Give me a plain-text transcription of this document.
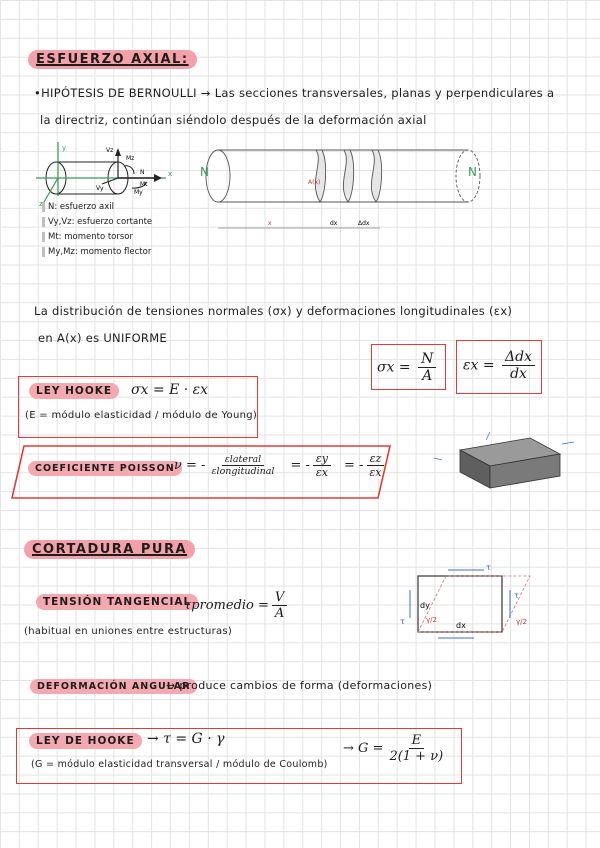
ESFUERZO AXIAL:
•HIPÓTESIS DE BERNOULLI → Las secciones transversales, planas y perpendiculares a
la directriz, continúan siéndolo después de la deformación axial
y
x
z
Vz
Mz
Vy
My
N
Mt
N: esfuerzo axil
Vy,Vz: esfuerzo cortante
Mt: momento torsor
My,Mz: momento flector
N	N
A(x)
x	dx	Δdx
La distribución de tensiones normales (σx) y deformaciones longitudinales (εx)
en A(x) es UNIFORME
$\sigma x = \frac{N}{A}$ εx =
Δdx
dx
LEY HOOKE	σx = E · εx
(E = módulo elasticidad / módulo de Young)
COEFICIENTE POISSON ν = -	εlateral
εlongitudinal = - $\frac{\varepsilon y}{\varepsilon x}$ = - εz
εx
CORTADURA PURA
TENSIÓN TANGENCIAL
τpromedio = $\frac{V}{A}$
(habitual en uniones entre estructuras)
τ
τ
τ
dy
dx
γ/2	γ/2
DEFORMACIÓN ANGULAR
→ produce cambios de forma (deformaciones)
LEY DE HOOKE → τ = G · γ
(G = módulo elasticidad transversal / módulo de Coulomb)
→ $G = \frac{E}{2(1 + \nu)}$
